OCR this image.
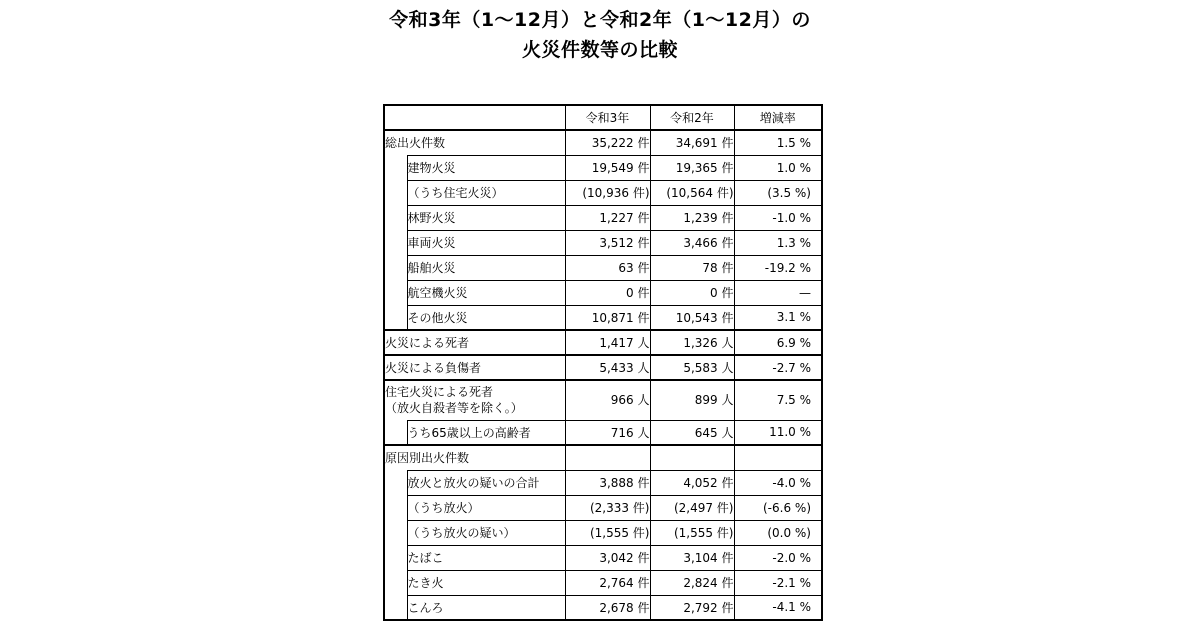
令和3年（1～12月）と令和2年（1～12月）の
火災件数等の比較
		令和3年	令和2年	増減率
総出火件数		35,222 件	34,691 件	1.5 %
	建物火災	19,549 件	19,365 件	1.0 %
	（うち住宅火災）	(10,936 件)	(10,564 件)	(3.5 %)
	林野火災	1,227 件	1,239 件	-1.0 %
	車両火災	3,512 件	3,466 件	1.3 %
	船舶火災	63 件	78 件	-19.2 %
	航空機火災	0 件	0 件	—
	その他火災	10,871 件	10,543 件	3.1 %
火災による死者		1,417 人	1,326 人	6.9 %
火災による負傷者		5,433 人	5,583 人	-2.7 %

住宅火災による死者
（放火自殺者等を除く。）		966 人	899 人	7.5 %
	うち65歳以上の高齢者	716 人	645 人	11.0 %
原因別出火件数				
	放火と放火の疑いの合計	3,888 件	4,052 件	-4.0 %
	（うち放火）	(2,333 件)	(2,497 件)	(-6.6 %)
	（うち放火の疑い）	(1,555 件)	(1,555 件)	(0.0 %)
	たばこ	3,042 件	3,104 件	-2.0 %
	たき火	2,764 件	2,824 件	-2.1 %
	こんろ	2,678 件	2,792 件	-4.1 %
